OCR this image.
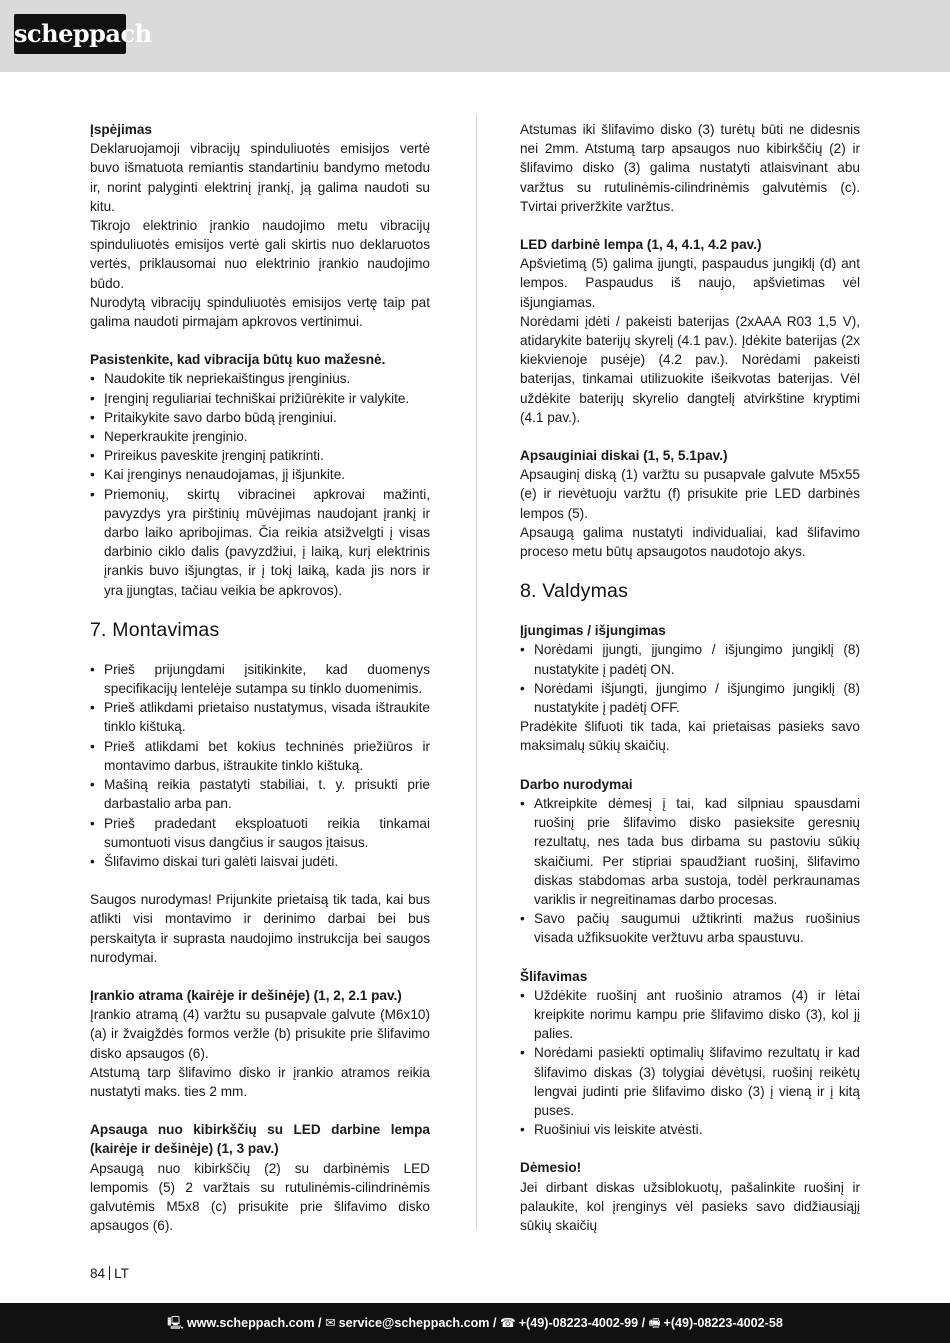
scheppach

Įspėjimas

Deklaruojamoji vibracijų spinduliuotės emisijos vertė buvo išmatuota remiantis standartiniu bandymo metodu ir, norint palyginti elektrinį įrankį, ją galima naudoti su kitu.

Tikrojo elektrinio įrankio naudojimo metu vibracijų spinduliuotės emisijos vertė gali skirtis nuo deklaruotos vertės, priklausomai nuo elektrinio įrankio naudojimo būdo.

Nurodytą vibracijų spinduliuotės emisijos vertę taip pat galima naudoti pirmajam apkrovos vertinimui.

Pasistenkite, kad vibracija būtų kuo mažesnė.

• Naudokite tik nepriekaištingus įrenginius.
• Įrenginį reguliariai techniškai prižiūrėkite ir valykite.
• Pritaikykite savo darbo būdą įrenginiui.
• Neperkraukite įrenginio.
• Prireikus paveskite įrenginį patikrinti.
• Kai įrenginys nenaudojamas, jį išjunkite.
• Priemonių, skirtų vibracinei apkrovai mažinti, pavyzdys yra pirštinių mūvėjimas naudojant įrankį ir darbo laiko apribojimas. Čia reikia atsižvelgti į visas darbinio ciklo dalis (pavyzdžiui, į laiką, kurį elektrinis įrankis buvo išjungtas, ir į tokį laiką, kada jis nors ir yra įjungtas, tačiau veikia be apkrovos).
7. Montavimas
• Prieš prijungdami įsitikinkite, kad duomenys specifikacijų lentelėje sutampa su tinklo duomenimis.
• Prieš atlikdami prietaiso nustatymus, visada ištraukite tinklo kištuką.
• Prieš atlikdami bet kokius techninės priežiūros ir montavimo darbus, ištraukite tinklo kištuką.
• Mašiną reikia pastatyti stabiliai, t. y. prisukti prie darbastalio arba pan.
• Prieš pradedant eksploatuoti reikia tinkamai sumontuoti visus dangčius ir saugos įtaisus.
• Šlifavimo diskai turi galėti laisvai judėti.

Saugos nurodymas! Prijunkite prietaisą tik tada, kai bus atlikti visi montavimo ir derinimo darbai bei bus perskaityta ir suprasta naudojimo instrukcija bei saugos nurodymai.

Įrankio atrama (kairėje ir dešinėje) (1, 2, 2.1 pav.)

Įrankio atramą (4) varžtu su pusapvale galvute (M6x10) (a) ir žvaigždės formos veržle (b) prisukite prie šlifavimo disko apsaugos (6).

Atstumą tarp šlifavimo disko ir įrankio atramos reikia nustatyti maks. ties 2 mm.

Apsauga nuo kibirkščių su LED darbine lempa (kairėje ir dešinėje) (1, 3 pav.)

Apsaugą nuo kibirkščių (2) su darbinėmis LED lempomis (5) 2 varžtais su rutulinėmis-cilindrinėmis galvutėmis M5x8 (c) prisukite prie šlifavimo disko apsaugos (6).

Atstumas iki šlifavimo disko (3) turėtų būti ne didesnis nei 2mm. Atstumą tarp apsaugos nuo kibirkščių (2) ir šlifavimo disko (3) galima nustatyti atlaisvinant abu varžtus su rutulinėmis-cilindrinėmis galvutėmis (c). Tvirtai priveržkite varžtus.

LED darbinė lempa (1, 4, 4.1, 4.2 pav.)

Apšvietimą (5) galima įjungti, paspaudus jungiklį (d) ant lempos. Paspaudus iš naujo, apšvietimas vėl išjungiamas.

Norėdami įdėti / pakeisti baterijas (2xAAA R03 1,5 V), atidarykite baterijų skyrelį (4.1 pav.). Įdėkite baterijas (2x kiekvienoje pusėje) (4.2 pav.). Norėdami pakeisti baterijas, tinkamai utilizuokite išeikvotas baterijas. Vėl uždėkite baterijų skyrelio dangtelį atvirkštine kryptimi (4.1 pav.).

Apsauginiai diskai (1, 5, 5.1pav.)

Apsauginį diską (1) varžtu su pusapvale galvute M5x55 (e) ir rievėtuoju varžtu (f) prisukite prie LED darbinės lempos (5).

Apsaugą galima nustatyti individualiai, kad šlifavimo proceso metu būtų apsaugotos naudotojo akys.

8. Valdymas

Įjungimas / išjungimas

• Norėdami įjungti, įjungimo / išjungimo jungiklį (8) nustatykite į padėtį ON.
• Norėdami išjungti, įjungimo / išjungimo jungiklį (8) nustatykite į padėtį OFF.

Pradėkite šlifuoti tik tada, kai prietaisas pasieks savo maksimalų sūkių skaičių.

Darbo nurodymai

• Atkreipkite dėmesį į tai, kad silpniau spausdami ruošinį prie šlifavimo disko pasieksite geresnių rezultatų, nes tada bus dirbama su pastoviu sūkių skaičiumi. Per stipriai spaudžiant ruošinį, šlifavimo diskas stabdomas arba sustoja, todėl perkraunamas variklis ir negreitinamas darbo procesas.
• Savo pačių saugumui užtikrinti mažus ruošinius visada užfiksuokite veržtuvu arba spaustuvu.

Šlifavimas

• Uždėkite ruošinį ant ruošinio atramos (4) ir lėtai kreipkite norimu kampu prie šlifavimo disko (3), kol jį palies.
• Norėdami pasiekti optimalių šlifavimo rezultatų ir kad šlifavimo diskas (3) tolygiai dėvėtųsi, ruošinį reikėtų lengvai judinti prie šlifavimo disko (3) į vieną ir į kitą puses.
• Ruošiniui vis leiskite atvėsti.

Dėmesio!

Jei dirbant diskas užsiblokuotų, pašalinkite ruošinį ir palaukite, kol įrenginys vėl pasieks savo didžiausiąjį sūkių skaičių

84 LT
🖳 www.scheppach.com / ✉ service@scheppach.com / ☎ +(49)-08223-4002-99 / 🖷 +(49)-08223-4002-58
